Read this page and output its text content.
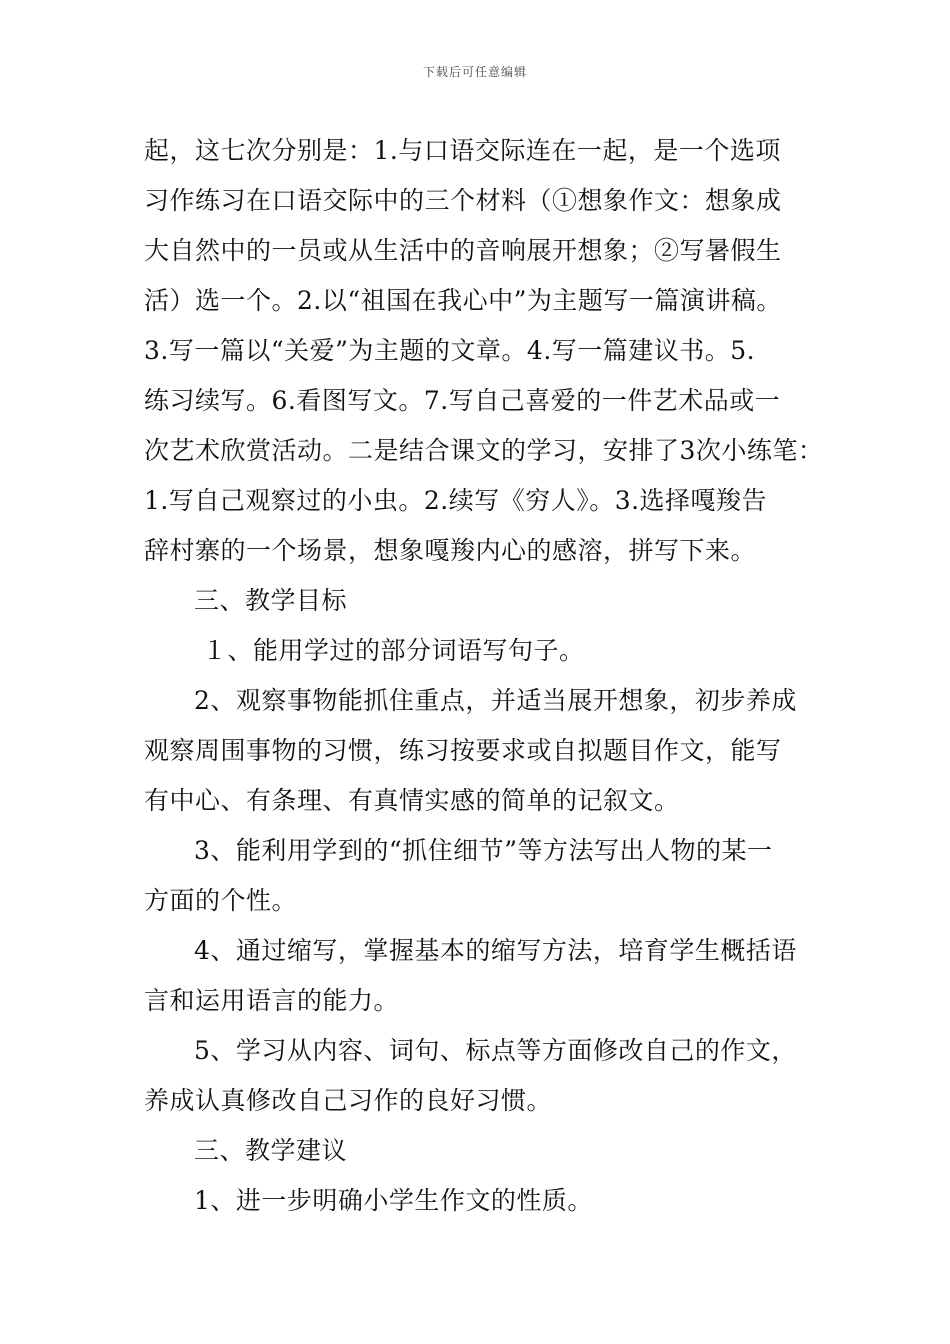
下载后可任意编辑

起，这七次分别是：1.与口语交际连在一起，是一个选项

习作练习在口语交际中的三个材料（①想象作文：想象成

大自然中的一员或从生活中的音响展开想象；②写暑假生

活）选一个。2.以“祖国在我心中”为主题写一篇演讲稿。

3.写一篇以“关爱”为主题的文章。4.写一篇建议书。5.

练习续写。6.看图写文。7.写自己喜爱的一件艺术品或一

次艺术欣赏活动。二是结合课文的学习，安排了3次小练笔：

1.写自己观察过的小虫。2.续写《穷人》。3.选择嘎羧告

辞村寨的一个场景，想象嘎羧内心的感溶，拼写下来。

三、教学目标

１、能用学过的部分词语写句子。

2、观察事物能抓住重点，并适当展开想象，初步养成

观察周围事物的习惯，练习按要求或自拟题目作文，能写

有中心、有条理、有真情实感的简单的记叙文。

3、能利用学到的“抓住细节”等方法写出人物的某一

方面的个性。

4、通过缩写，掌握基本的缩写方法，培育学生概括语

言和运用语言的能力。

5、学习从内容、词句、标点等方面修改自己的作文，

养成认真修改自己习作的良好习惯。

三、教学建议

1、进一步明确小学生作文的性质。
